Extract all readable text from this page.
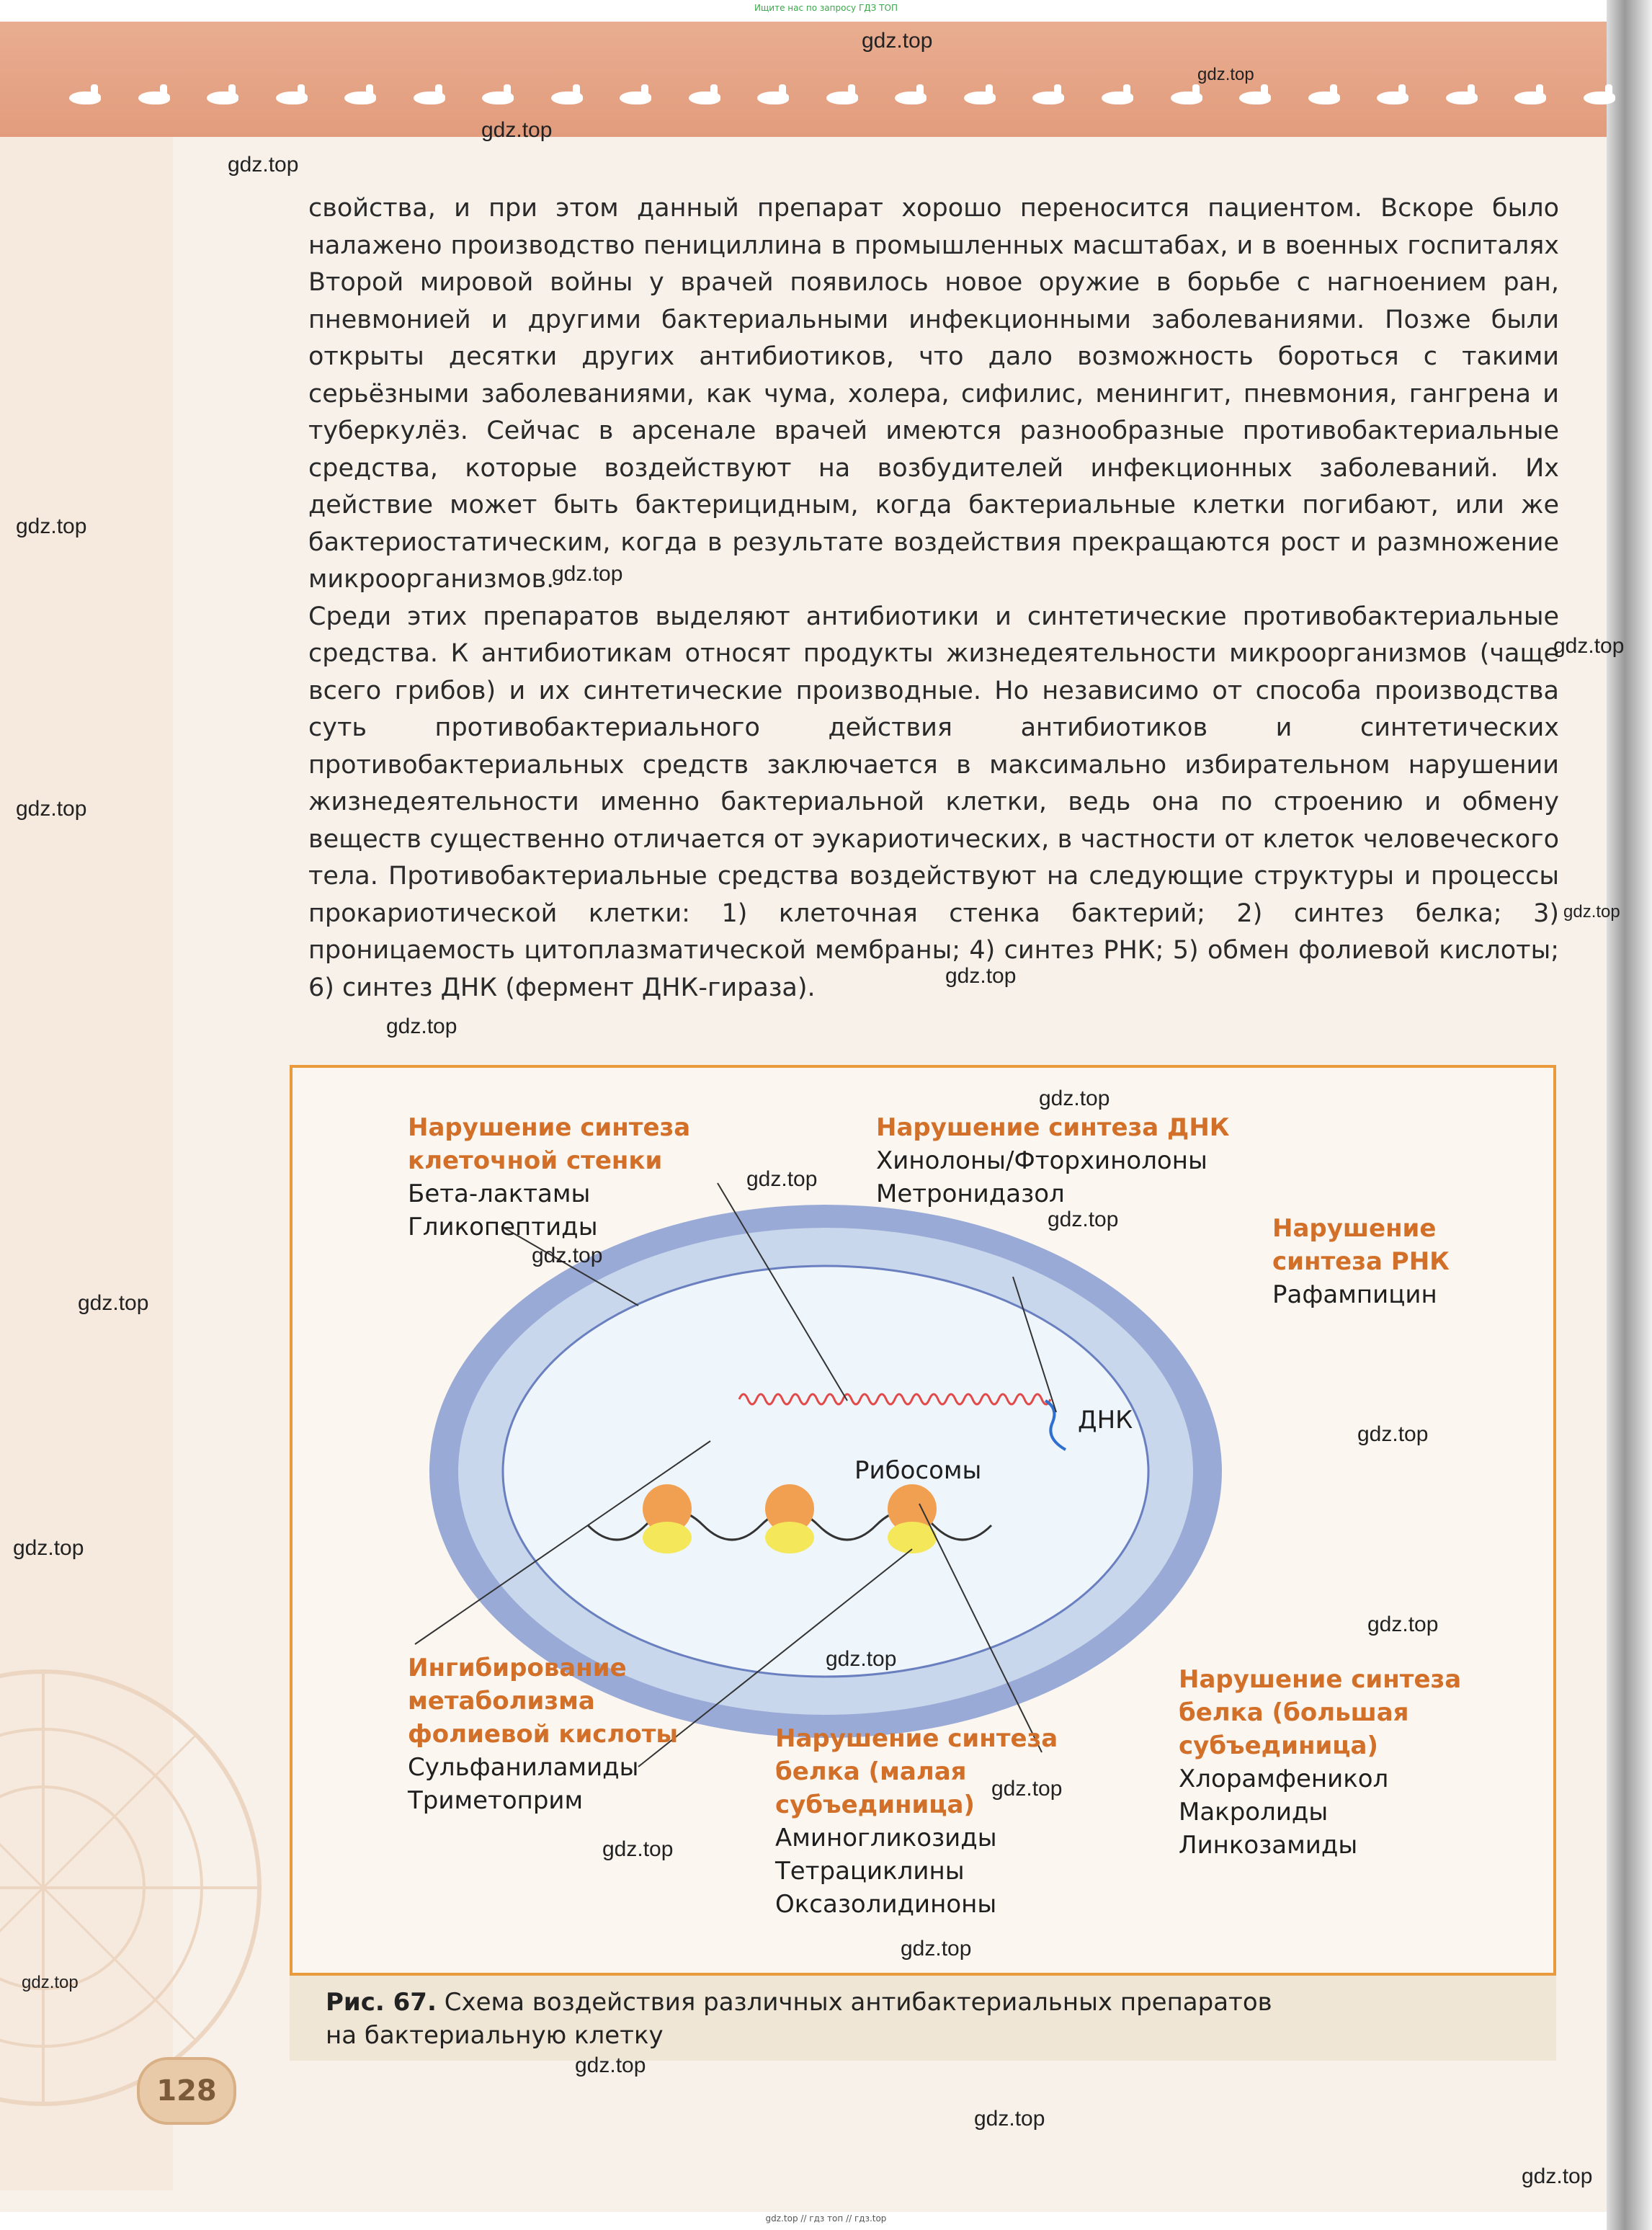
Ищите нас по запросу ГДЗ ТОП

свойства, и при этом данный препарат хорошо переносится пациентом. Вскоре было налажено производство пенициллина в промышленных масштабах, и в военных госпиталях Второй мировой войны у врачей появилось новое оружие в борьбе с нагноением ран, пневмонией и другими бактериальными инфекционными заболеваниями. Позже были открыты десятки других антибиотиков, что дало возможность бороться с такими серьёзными заболеваниями, как чума, холера, сифилис, менингит, пневмония, гангрена и туберкулёз. Сейчас в арсенале врачей имеются разнообразные противобактериальные средства, которые воздействуют на возбудителей инфекционных заболеваний. Их действие может быть бактерицидным, когда бактериальные клетки погибают, или же бактериостатическим, когда в результате воздействия прекращаются рост и размножение микроорганизмов.

Среди этих препаратов выделяют антибиотики и синтетические противобактериальные средства. К антибиотикам относят продукты жизнедеятельности микроорганизмов (чаще всего грибов) и их синтетические производные. Но независимо от способа производства суть противобактериального действия антибиотиков и синтетических противобактериальных средств заключается в максимально избирательном нарушении жизнедеятельности именно бактериальной клетки, ведь она по строению и обмену веществ существенно отличается от эукариотических, в частности от клеток человеческого тела. Противобактериальные средства воздействуют на следующие структуры и процессы прокариотической клетки: 1) клеточная стенка бактерий; 2) синтез белка; 3) проницаемость цитоплазматической мембраны; 4) синтез РНК; 5) обмен фолиевой кислоты; 6) синтез ДНК (фермент ДНК-гираза).

ДНК
Рибосомы
Нарушение синтеза
клеточной стенки
Бета-лактамы
Гликопептиды
Нарушение синтеза ДНК
Хинолоны/Фторхинолоны
Метронидазол
Нарушение
синтеза РНК
Рафампицин
Ингибирование
метаболизма
фолиевой кислоты
Сульфаниламиды
Триметоприм
Нарушение синтеза
белка (малая
субъединица)
Аминогликозиды
Тетрациклины
Оксазолидиноны
Нарушение синтеза
белка (большая
субъединица)
Хлорамфеникол
Макролиды
Линкозамиды
Рис. 67. Схема воздействия различных антибактериальных препаратов
на бактериальную клетку
128
gdz.top
gdz.top
gdz.top
gdz.top
gdz.top
gdz.top
gdz.top
gdz.top
gdz.top
gdz.top
gdz.top
gdz.top
gdz.top
gdz.top
gdz.top
gdz.top
gdz.top
gdz.top
gdz.top
gdz.top
gdz.top
gdz.top
gdz.top
gdz.top
gdz.top
gdz.top
gdz.top
gdz.top // гдз топ // гдз.top
